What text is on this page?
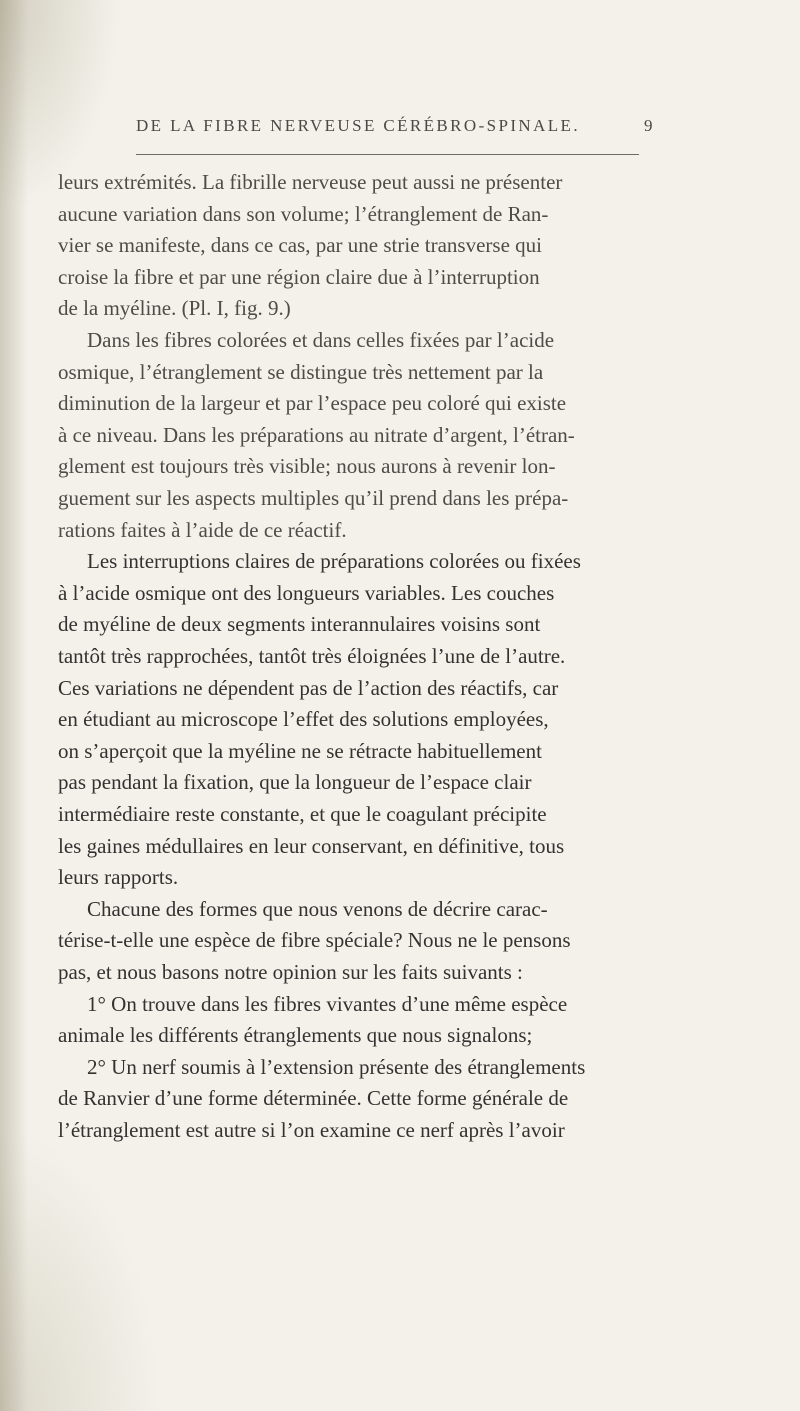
DE LA FIBRE NERVEUSE CÉRÉBRO-SPINALE.	9
leurs extrémités. La fibrille nerveuse peut aussi ne présenter
aucune variation dans son volume; l’étranglement de Ran-
vier se manifeste, dans ce cas, par une strie transverse qui
croise la fibre et par une région claire due à l’interruption
de la myéline. (Pl. I, fig. 9.)
Dans les fibres colorées et dans celles fixées par l’acide
osmique, l’étranglement se distingue très nettement par la
diminution de la largeur et par l’espace peu coloré qui existe
à ce niveau. Dans les préparations au nitrate d’argent, l’étran-
glement est toujours très visible; nous aurons à revenir lon-
guement sur les aspects multiples qu’il prend dans les prépa-
rations faites à l’aide de ce réactif.
Les interruptions claires de préparations colorées ou fixées
à l’acide osmique ont des longueurs variables. Les couches
de myéline de deux segments interannulaires voisins sont
tantôt très rapprochées, tantôt très éloignées l’une de l’autre.
Ces variations ne dépendent pas de l’action des réactifs, car
en étudiant au microscope l’effet des solutions employées,
on s’aperçoit que la myéline ne se rétracte habituellement
pas pendant la fixation, que la longueur de l’espace clair
intermédiaire reste constante, et que le coagulant précipite
les gaines médullaires en leur conservant, en définitive, tous
leurs rapports.
Chacune des formes que nous venons de décrire carac-
térise-t-elle une espèce de fibre spéciale? Nous ne le pensons
pas, et nous basons notre opinion sur les faits suivants :
1° On trouve dans les fibres vivantes d’une même espèce
animale les différents étranglements que nous signalons;
2° Un nerf soumis à l’extension présente des étranglements
de Ranvier d’une forme déterminée. Cette forme générale de
l’étranglement est autre si l’on examine ce nerf après l’avoir
